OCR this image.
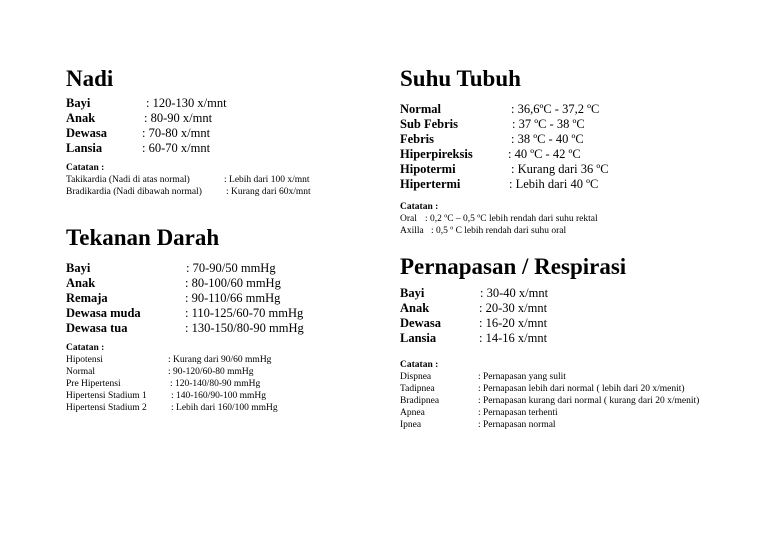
Nadi
Bayi	: 120-130 x/mnt
Anak	: 80-90 x/mnt
Dewasa	: 70-80 x/mnt
Lansia	: 60-70 x/mnt
Catatan :
Takikardia (Nadi di atas normal)	: Lebih dari 100 x/mnt
Bradikardia (Nadi dibawah normal)	: Kurang dari 60x/mnt
Tekanan Darah
Bayi	: 70-90/50 mmHg
Anak	: 80-100/60 mmHg
Remaja	: 90-110/66 mmHg
Dewasa muda	: 110-125/60-70 mmHg
Dewasa tua	: 130-150/80-90 mmHg
Catatan :
Hipotensi	: Kurang dari 90/60 mmHg
Normal	: 90-120/60-80 mmHg
Pre Hipertensi	: 120-140/80-90 mmHg
Hipertensi Stadium 1	: 140-160/90-100 mmHg
Hipertensi Stadium 2	: Lebih dari 160/100 mmHg
Suhu Tubuh
Normal	: 36,6ºC - 37,2 ºC
Sub Febris	: 37 ºC - 38 ºC
Febris	: 38 ºC - 40 ºC
Hiperpireksis	: 40 ºC - 42 ºC
Hipotermi	: Kurang dari 36 ºC
Hipertermi	: Lebih dari 40 ºC
Catatan :
Oral : 0,2 ºC – 0,5 ºC lebih rendah dari suhu rektal
Axilla : 0,5 º C lebih rendah dari suhu oral
Pernapasan / Respirasi
Bayi	: 30-40 x/mnt
Anak	: 20-30 x/mnt
Dewasa	: 16-20 x/mnt
Lansia	: 14-16 x/mnt
Catatan :
Dispnea	: Pernapasan yang sulit
Tadipnea	: Pernapasan lebih dari normal ( lebih dari 20 x/menit)
Bradipnea	: Pernapasan kurang dari normal ( kurang dari 20 x/menit)
Apnea	: Pernapasan terhenti
Ipnea	: Pernapasan normal
